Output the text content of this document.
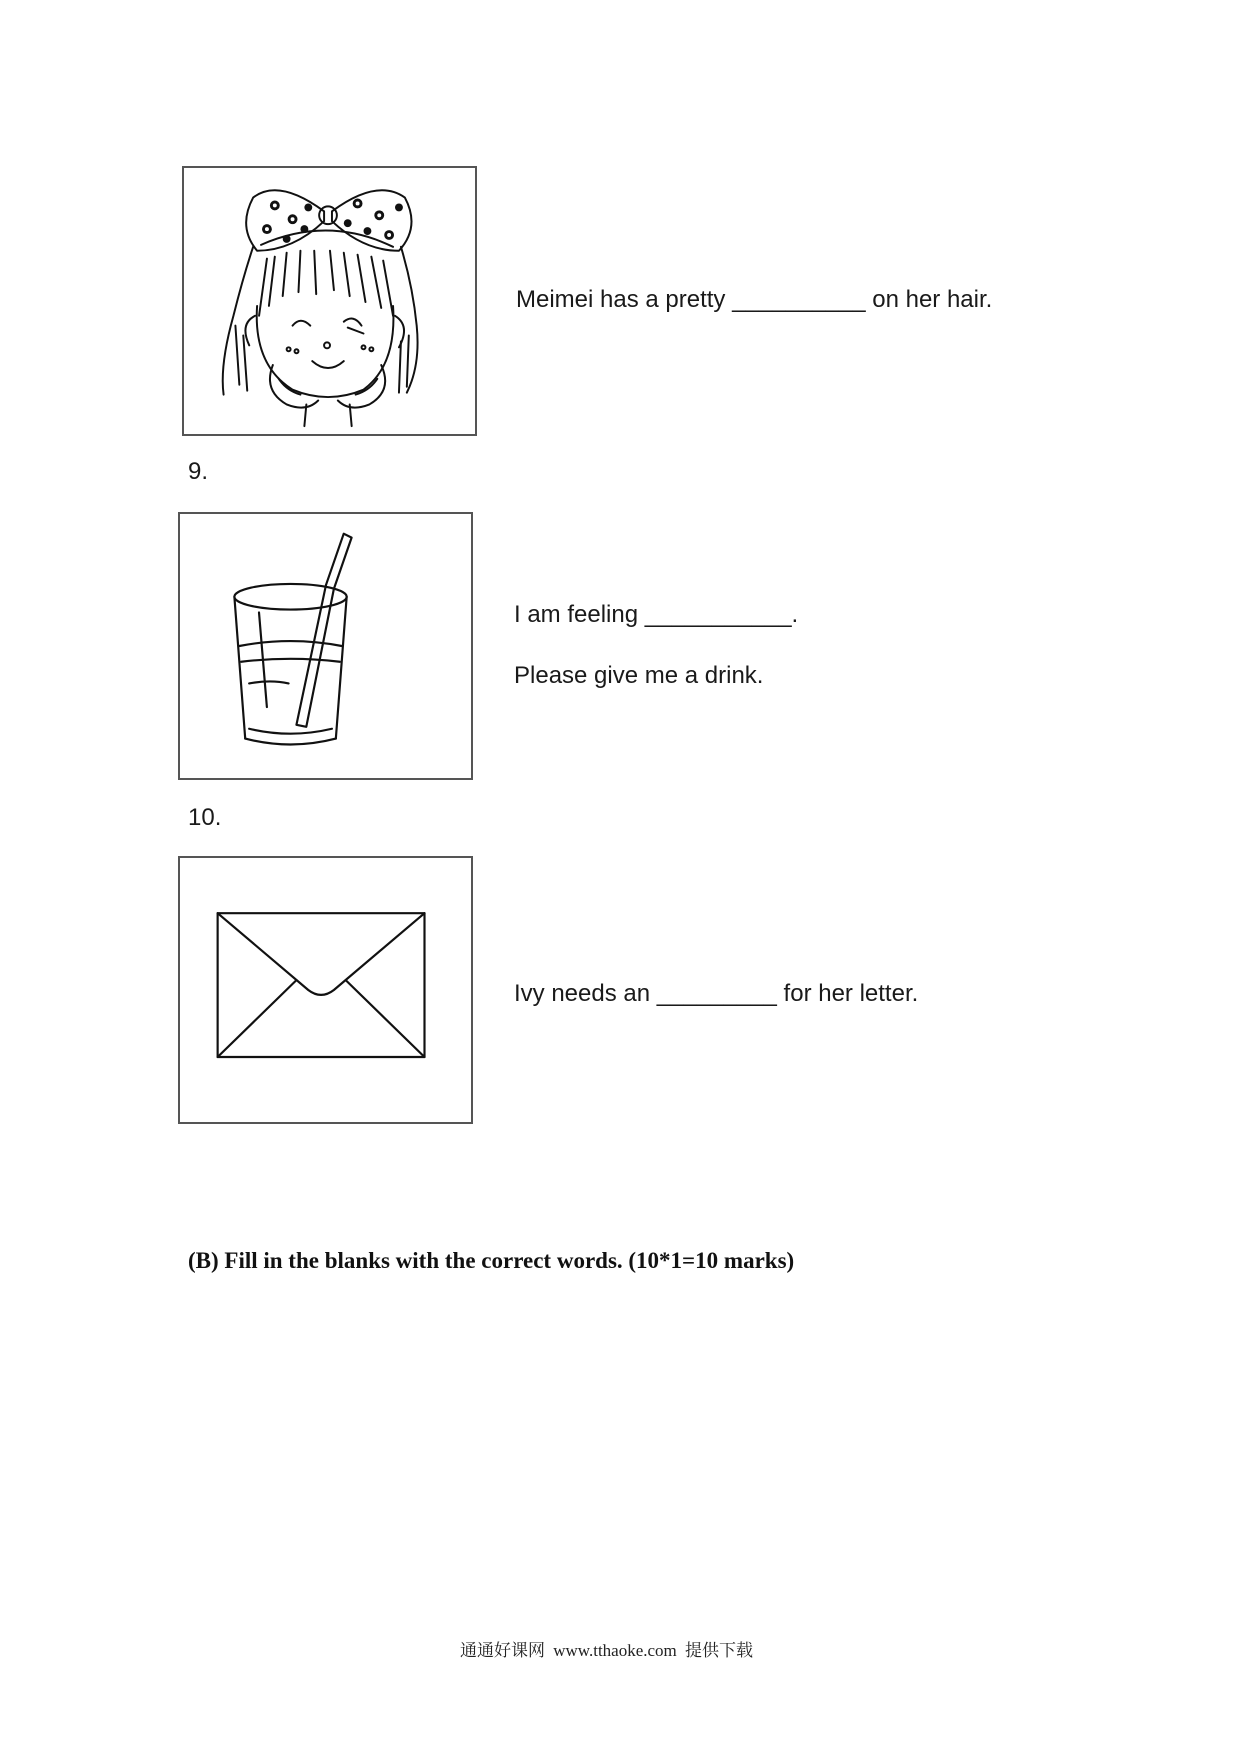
Meimei has a pretty __________ on her hair.
9.
I am feeling ___________.
Please give me a drink.
10.
Ivy needs an _________ for her letter.
(B) Fill in the blanks with the correct words. (10*1=10 marks)
通通好课网 www.tthaoke.com 提供下载
